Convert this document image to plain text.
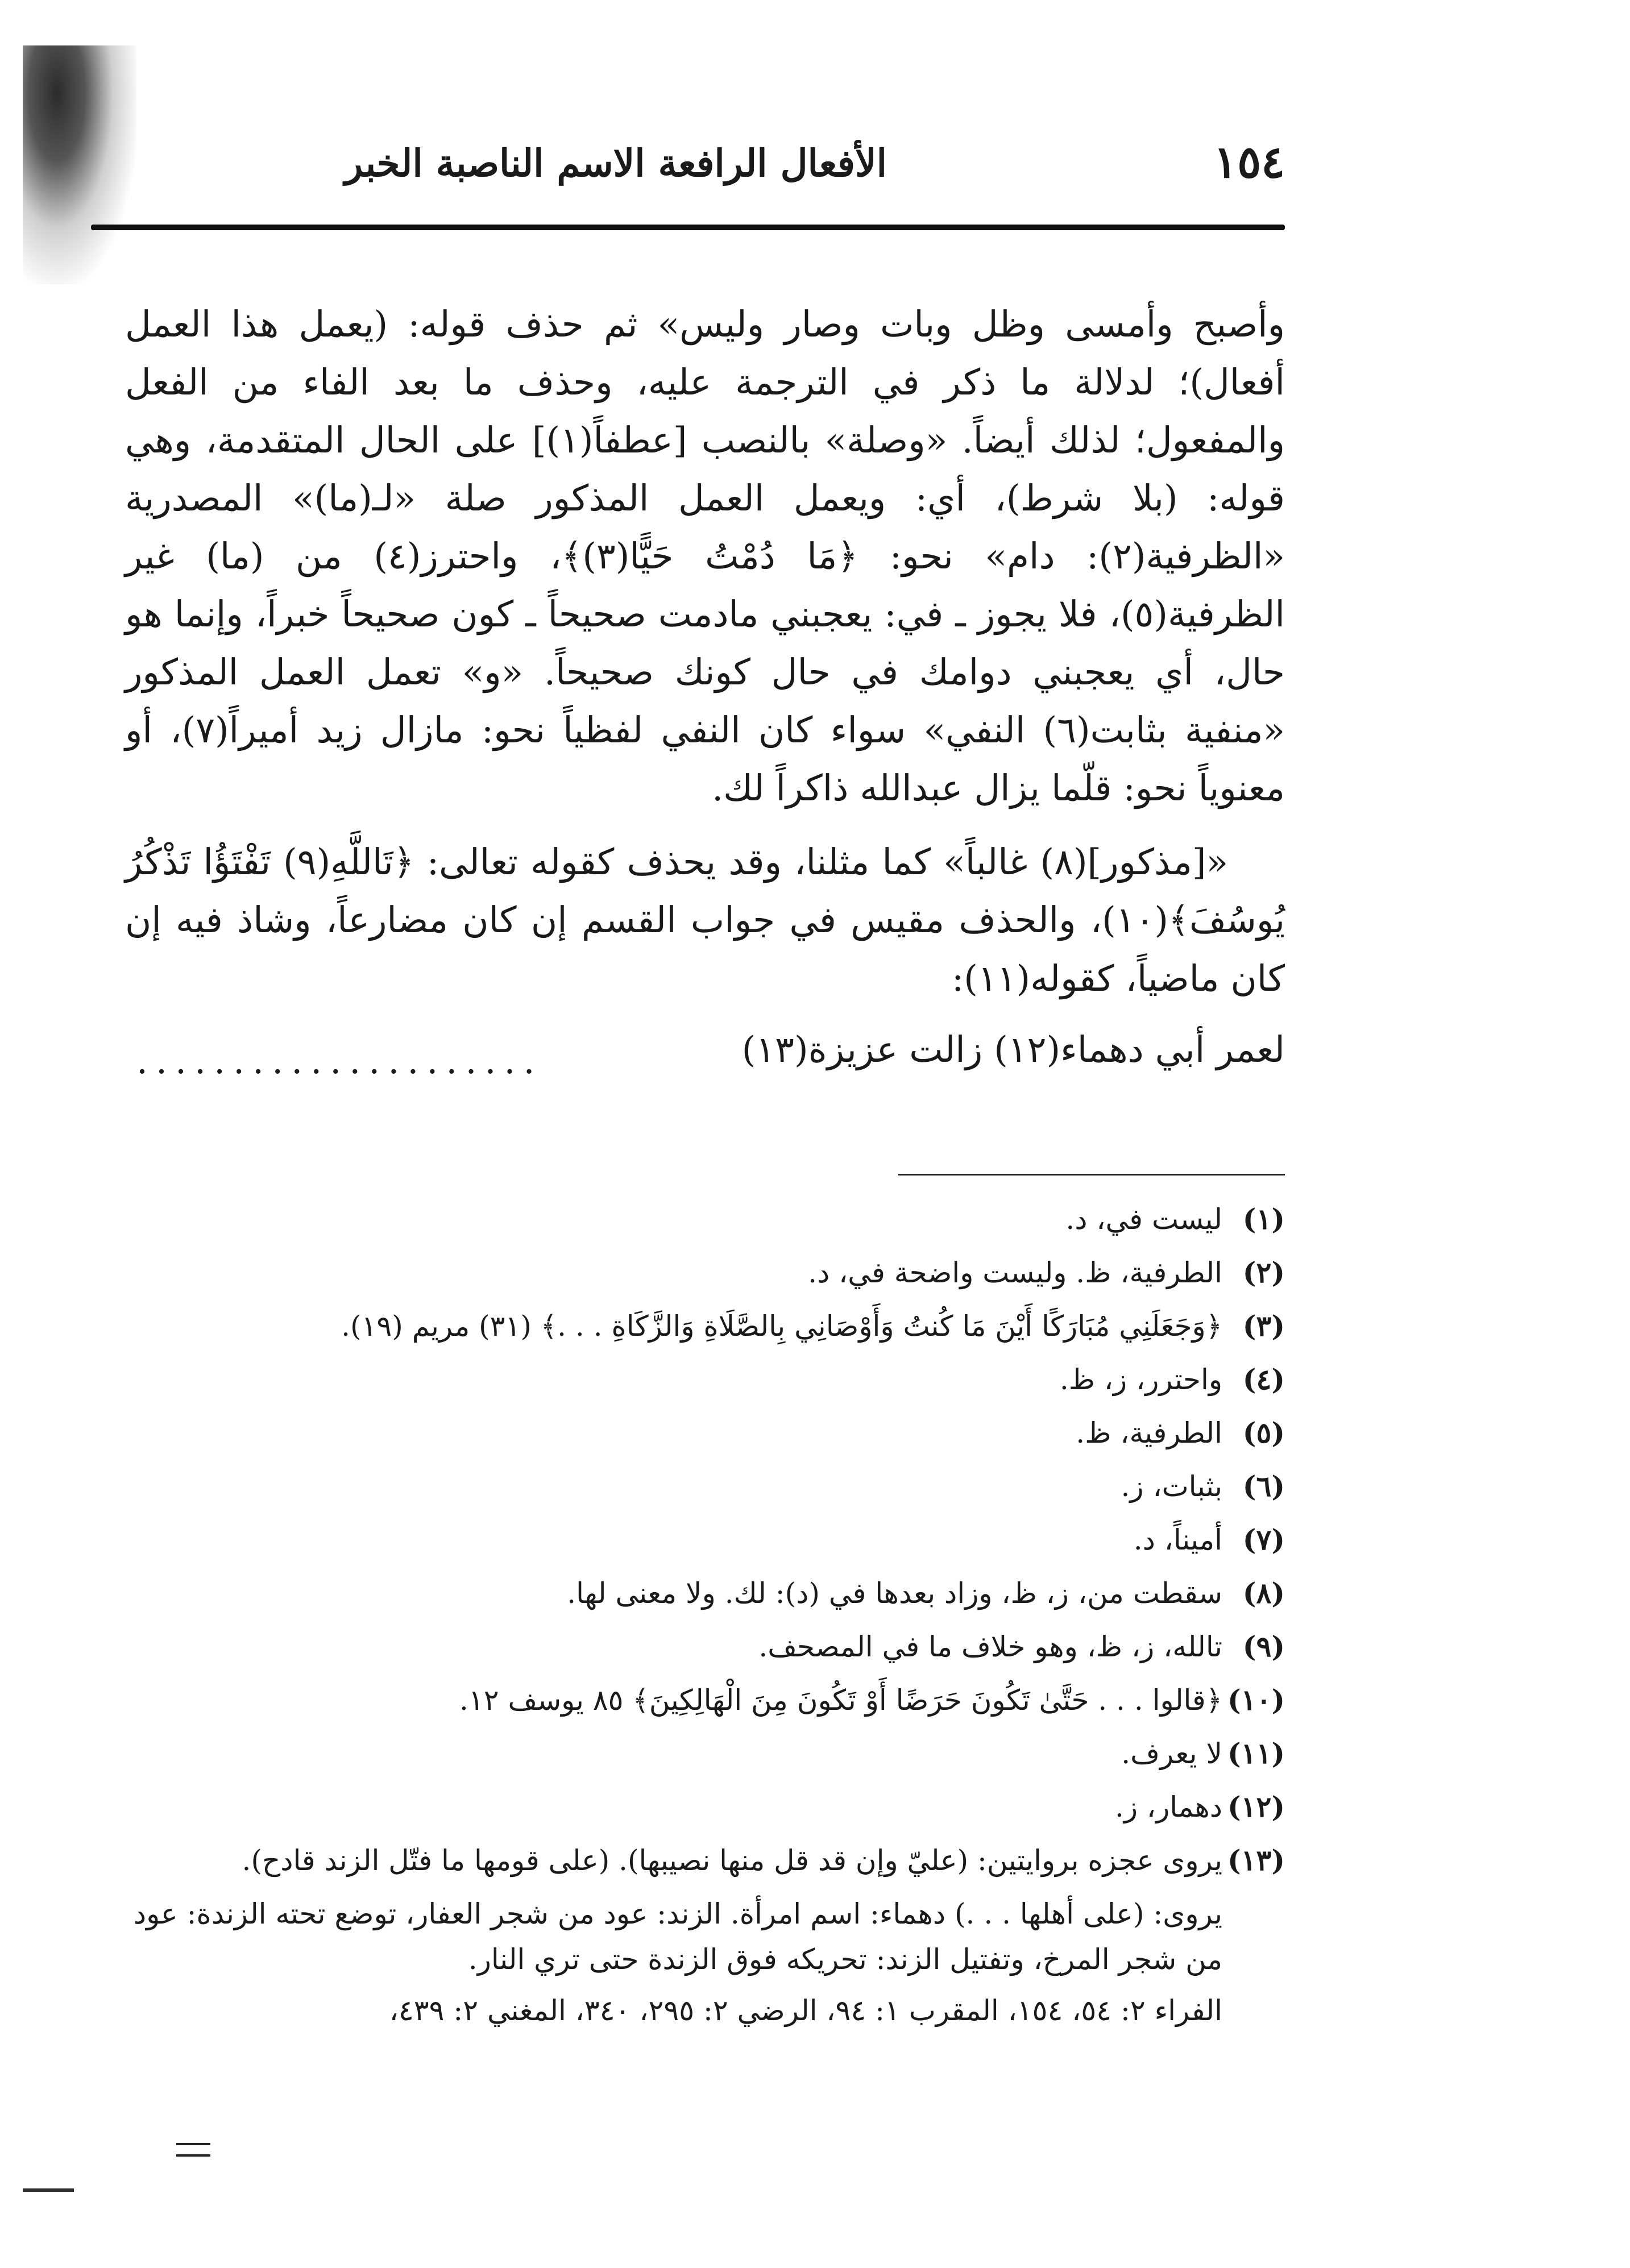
١٥٤
الأفعال الرافعة الاسم الناصبة الخبر

وأصبح وأمسى وظل وبات وصار وليس» ثم حذف قوله: (يعمل هذا العمل أفعال)؛ لدلالة ما ذكر في الترجمة عليه، وحذف ما بعد الفاء من الفعل والمفعول؛ لذلك أيضاً. «وصلة» بالنصب [عطفاً(١)] على الحال المتقدمة، وهي قوله: (بلا شرط)، أي: ويعمل العمل المذكور صلة «لـ(ما)» المصدرية «الظرفية(٢): دام» نحو: ﴿مَا دُمْتُ حَيًّا(٣)﴾، واحترز(٤) من (ما) غير الظرفية(٥)، فلا يجوز ـ في: يعجبني مادمت صحيحاً ـ كون صحيحاً خبراً، وإنما هو حال، أي يعجبني دوامك في حال كونك صحيحاً. «و» تعمل العمل المذكور «منفية بثابت(٦) النفي» سواء كان النفي لفظياً نحو: مازال زيد أميراً(٧)، أو معنوياً نحو: قلّما يزال عبدالله ذاكراً لك.

«[مذكور](٨) غالباً» كما مثلنا، وقد يحذف كقوله تعالى: ﴿تَاللَّهِ(٩) تَفْتَؤُا تَذْكُرُ يُوسُفَ﴾(١٠)، والحذف مقيس في جواب القسم إن كان مضارعاً، وشاذ فيه إن كان ماضياً، كقوله(١١):

لعمر أبي دهماء(١٢) زالت عزيزة(١٣)
.....................

(١)ليست في، د.

(٢)الطرفية، ظ. وليست واضحة في، د.

(٣)﴿وَجَعَلَنِي مُبَارَكًا أَيْنَ مَا كُنتُ وَأَوْصَانِي بِالصَّلَاةِ وَالزَّكَاةِ . . .﴾ (٣١) مريم (١٩).

(٤)واحترر، ز، ظ.

(٥)الطرفية، ظ.

(٦)بثبات، ز.

(٧)أميناً، د.

(٨)سقطت من، ز، ظ، وزاد بعدها في (د): لك. ولا معنى لها.

(٩)تالله، ز، ظ، وهو خلاف ما في المصحف.

(١٠)﴿قالوا . . . حَتَّىٰ تَكُونَ حَرَضًا أَوْ تَكُونَ مِنَ الْهَالِكِينَ﴾ ٨٥ يوسف ١٢.

(١١)لا يعرف.

(١٢)دهمار، ز.

(١٣)يروى عجزه بروايتين: (عليّ وإن قد قل منها نصيبها). (على قومها ما فتّل الزند قادح).

يروى: (على أهلها . . .) دهماء: اسم امرأة. الزند: عود من شجر العفار، توضع تحته الزندة: عود من شجر المرخ، وتفتيل الزند: تحريكه فوق الزندة حتى تري النار.

الفراء ٢: ٥٤، ١٥٤، المقرب ١: ٩٤، الرضي ٢: ٢٩٥، ٣٤٠، المغني ٢: ٤٣٩،
